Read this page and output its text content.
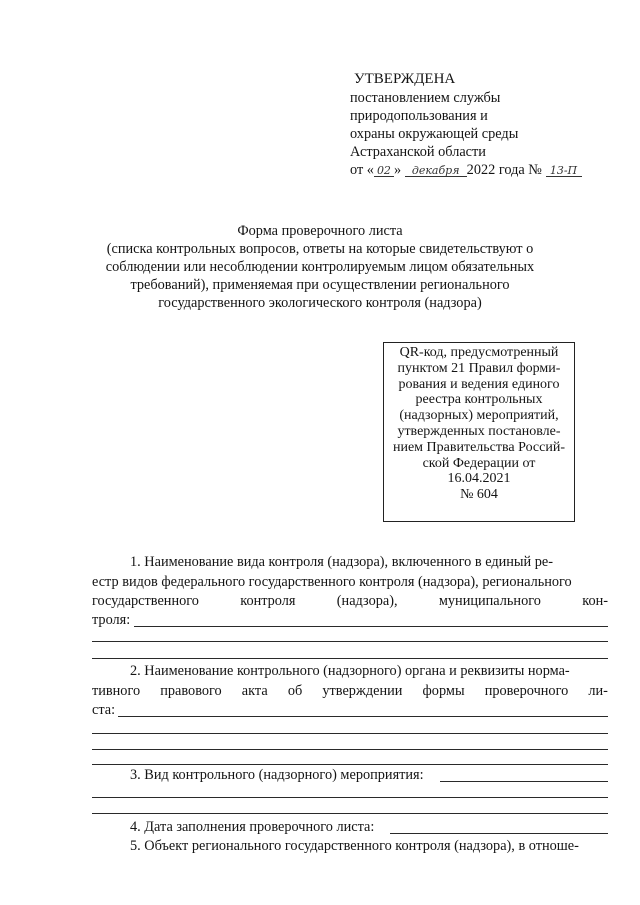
УТВЕРЖДЕНА
постановлением службы
природопользования и
охраны окружающей среды
Астраханской области
от « 02 » декабря 2022 года № 13-П
Форма проверочного листа
(списка контрольных вопросов, ответы на которые свидетельствуют о
соблюдении или несоблюдении контролируемым лицом обязательных
требований), применяемая при осуществлении регионального
государственного экологического контроля (надзора)
QR-код, предусмотренный
пунктом 21 Правил форми-
рования и ведения единого
реестра контрольных
(надзорных) мероприятий,
утвержденных постановле-
нием Правительства Россий-
ской Федерации от
16.04.2021
№ 604
1. Наименование вида контроля (надзора), включенного в единый ре-
естр видов федерального государственного контроля (надзора), регионального
государственного	контроля	(надзора),	муниципального	кон-
троля:
2. Наименование контрольного (надзорного) органа и реквизиты норма-
тивного правового акта об утверждении формы проверочного ли-
ста:
3. Вид контрольного (надзорного) мероприятия:
4. Дата заполнения проверочного листа:
5. Объект регионального государственного контроля (надзора), в отноше-
